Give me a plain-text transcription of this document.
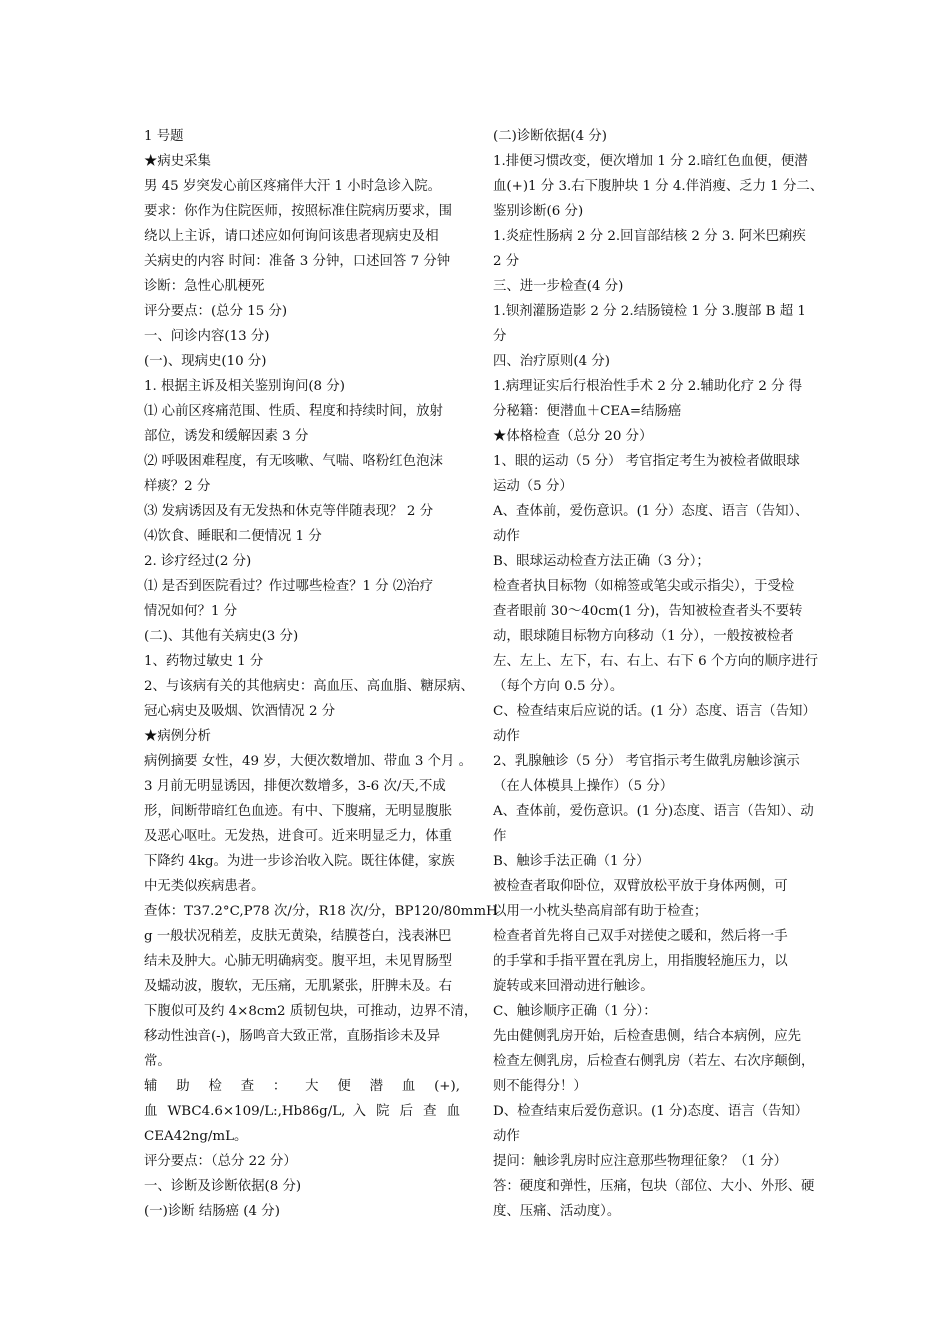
1 号题
★病史采集
男 45 岁突发心前区疼痛伴大汗 1 小时急诊入院。
要求：你作为住院医师，按照标准住院病历要求，围
绕以上主诉，请口述应如何询问该患者现病史及相
关病史的内容 时间：准备 3 分钟，口述回答 7 分钟
诊断：急性心肌梗死
评分要点：(总分 15 分)
一、问诊内容(13 分)
(一)、现病史(10 分)
1. 根据主诉及相关鉴别询问(8 分)
⑴ 心前区疼痛范围、性质、程度和持续时间，放射
部位，诱发和缓解因素 3 分
⑵ 呼吸困难程度，有无咳嗽、气喘、咯粉红色泡沫
样痰？2 分
⑶ 发病诱因及有无发热和休克等伴随表现？ 2 分
⑷饮食、睡眠和二便情况 1 分
2. 诊疗经过(2 分)
⑴ 是否到医院看过？作过哪些检查？1 分 ⑵治疗
情况如何？1 分
(二)、其他有关病史(3 分)
1、药物过敏史 1 分
2、与该病有关的其他病史：高血压、高血脂、糖尿病、
冠心病史及吸烟、饮酒情况 2 分
★病例分析
病例摘要 女性，49 岁，大便次数增加、带血 3 个月 。
3 月前无明显诱因，排便次数增多，3-6 次/天,不成
形，间断带暗红色血迹。有中、下腹痛，无明显腹胀
及恶心呕吐。无发热，进食可。近来明显乏力，体重
下降约 4kg。为进一步诊治收入院。既往体健，家族
中无类似疾病患者。
查体：T37.2°C,P78 次/分，R18 次/分，BP120/80mmH
g 一般状况稍差，皮肤无黄染，结膜苍白，浅表淋巴
结未及肿大。心肺无明确病变。腹平坦，未见胃肠型
及蠕动波，腹软，无压痛，无肌紧张，肝脾未及。右
下腹似可及约 4×8cm2 质韧包块，可推动，边界不清，
移动性浊音(-)，肠鸣音大致正常，直肠指诊未及异
常。
辅 助 检 查 ： 大 便 潜 血 (+),
血 WBC4.6×109/L:,Hb86g/L, 入 院 后 查 血
CEA42ng/mL。
评分要点：（总分 22 分）
一、诊断及诊断依据(8 分)
(一)诊断 结肠癌 (4 分)
(二)诊断依据(4 分)
1.排便习惯改变，便次增加 1 分 2.暗红色血便，便潜
血(+)1 分 3.右下腹肿块 1 分 4.伴消瘦、乏力 1 分二、
鉴别诊断(6 分)
1.炎症性肠病 2 分 2.回盲部结核 2 分 3. 阿米巴痢疾
2 分
三、进一步检查(4 分)
1.钡剂灌肠造影 2 分 2.结肠镜检 1 分 3.腹部 B 超 1
分
四、治疗原则(4 分)
1.病理证实后行根治性手术 2 分 2.辅助化疗 2 分 得
分秘籍：便潜血＋CEA=结肠癌
★体格检查（总分 20 分）
1、眼的运动（5 分） 考官指定考生为被检者做眼球
运动（5 分）
A、查体前，爱伤意识。(1 分）态度、语言（告知）、
动作
B、眼球运动检查方法正确（3 分）；
检查者执目标物（如棉签或笔尖或示指尖），于受检
查者眼前 30～40cm(1 分)，告知被检查者头不要转
动，眼球随目标物方向移动（1 分），一般按被检者
左、左上、左下，右、右上、右下 6 个方向的顺序进行
（每个方向 0.5 分）。
C、检查结束后应说的话。(1 分）态度、语言（告知）
动作
2、乳腺触诊（5 分） 考官指示考生做乳房触诊演示
（在人体模具上操作）（5 分）
A、查体前，爱伤意识。(1 分)态度、语言（告知）、动
作
B、触诊手法正确（1 分）
被检查者取仰卧位，双臂放松平放于身体两侧，可
以用一小枕头垫高肩部有助于检查；
检查者首先将自己双手对搓使之暖和，然后将一手
的手掌和手指平置在乳房上，用指腹轻施压力，以
旋转或来回滑动进行触诊。
C、触诊顺序正确（1 分）：
先由健侧乳房开始，后检查患侧，结合本病例，应先
检查左侧乳房，后检查右侧乳房（若左、右次序颠倒，
则不能得分！）
D、检查结束后爱伤意识。(1 分)态度、语言（告知）
动作
提问：触诊乳房时应注意那些物理征象？（1 分）
答：硬度和弹性，压痛，包块（部位、大小、外形、硬
度、压痛、活动度）。
